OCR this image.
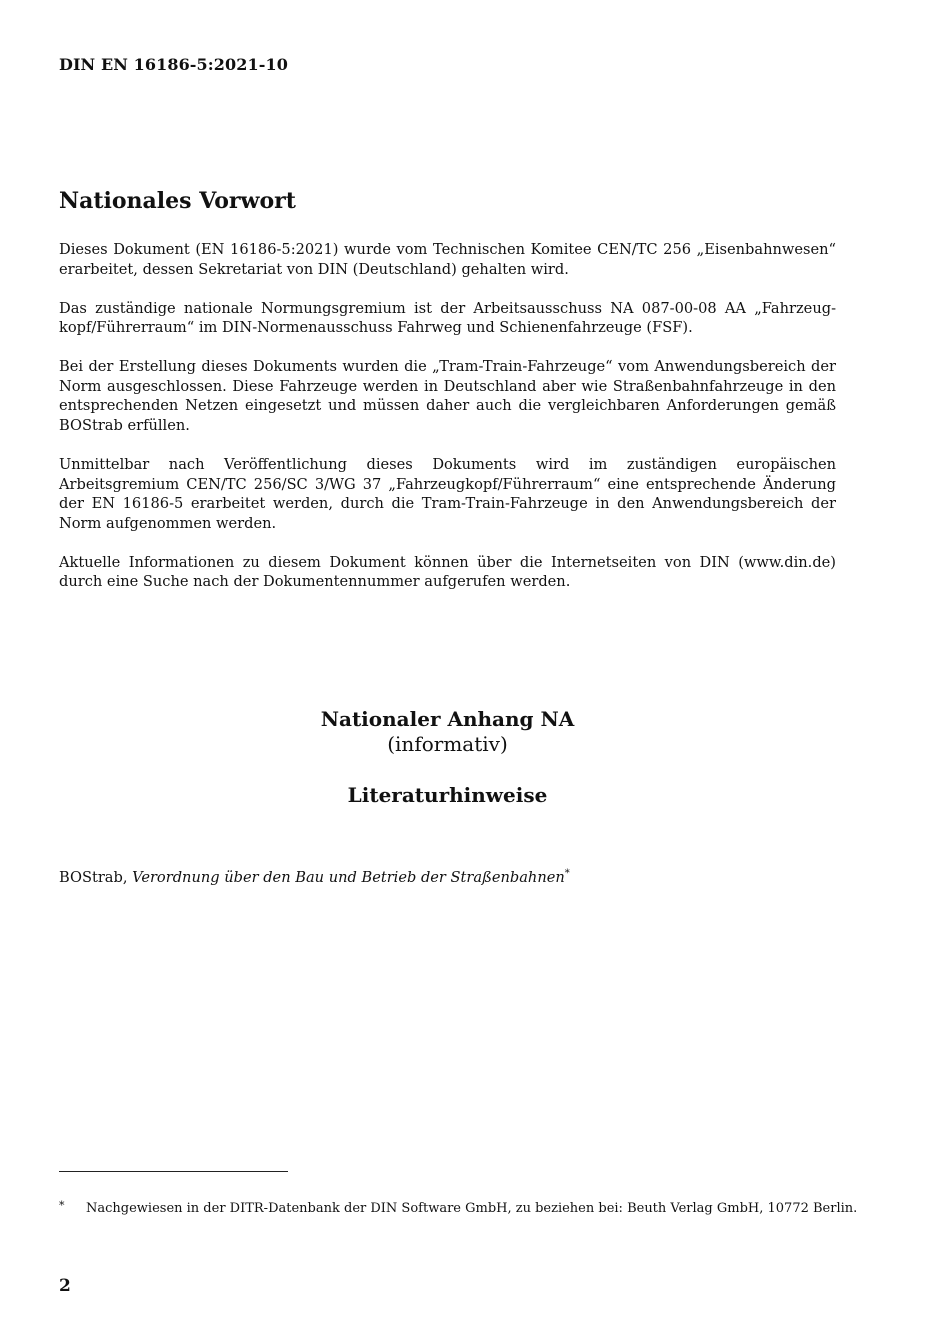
DIN EN 16186-5:2021-10
Nationales Vorwort

Dieses Dokument (EN 16186-5:2021) wurde vom Technischen Komitee CEN/TC 256 „Eisenbahnwesen“ erarbeitet, dessen Sekretariat von DIN (Deutschland) gehalten wird.

Das zuständige nationale Normungsgremium ist der Arbeitsausschuss NA 087-00-08 AA „Fahrzeugkopf/Führerraum“ im DIN-Normenausschuss Fahrweg und Schienenfahrzeuge (FSF).

Bei der Erstellung dieses Dokuments wurden die „Tram-Train-Fahrzeuge“ vom Anwendungsbereich der Norm ausgeschlossen. Diese Fahrzeuge werden in Deutschland aber wie Straßenbahnfahrzeuge in den entsprechenden Netzen eingesetzt und müssen daher auch die vergleichbaren Anforderungen gemäß BOStrab erfüllen.

Unmittelbar nach Veröffentlichung dieses Dokuments wird im zuständigen europäischen Arbeitsgremium CEN/TC 256/SC 3/WG 37 „Fahrzeugkopf/Führerraum“ eine entsprechende Änderung der EN 16186-5 erarbeitet werden, durch die Tram-Train-Fahrzeuge in den Anwendungsbereich der Norm aufgenommen werden.

Aktuelle Informationen zu diesem Dokument können über die Internetseiten von DIN (www.din.de) durch eine Suche nach der Dokumentennummer aufgerufen werden.

Nationaler Anhang NA
(informativ)
Literaturhinweise
BOStrab, Verordnung über den Bau und Betrieb der Straßenbahnen*
* Nachgewiesen in der DITR-Datenbank der DIN Software GmbH, zu beziehen bei: Beuth Verlag GmbH, 10772 Berlin.
2
